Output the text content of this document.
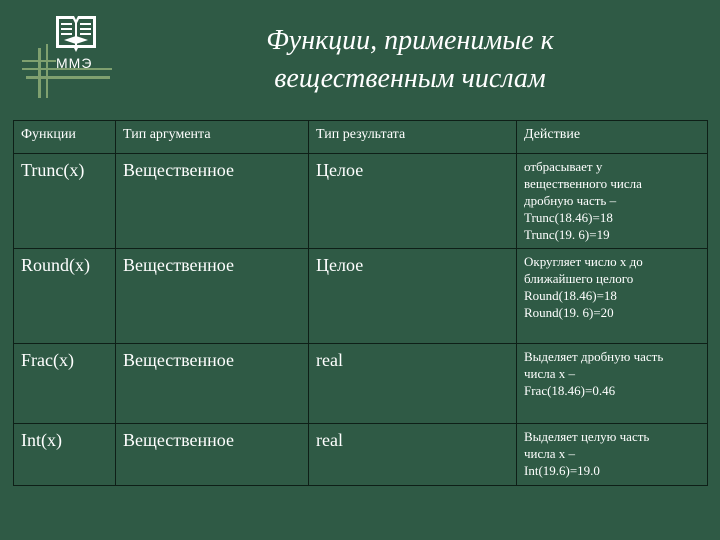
ММЭ
Функции, применимые к
вещественным числам
Функции	Тип аргумента	Тип результата	Действие
Trunc(x)	Вещественное	Целое	отбрасывает у
вещественного числа
дробную часть –
Trunc(18.46)=18
Trunc(19. 6)=19

Round(x)	Вещественное	Целое	Округляет число x до
ближайшего целого
Round(18.46)=18
Round(19. 6)=20

Frac(x)	Вещественное	real	Выделяет дробную часть
числа x –
Frac(18.46)=0.46

Int(x)	Вещественное	real	Выделяет целую часть
числа x –
Int(19.6)=19.0
